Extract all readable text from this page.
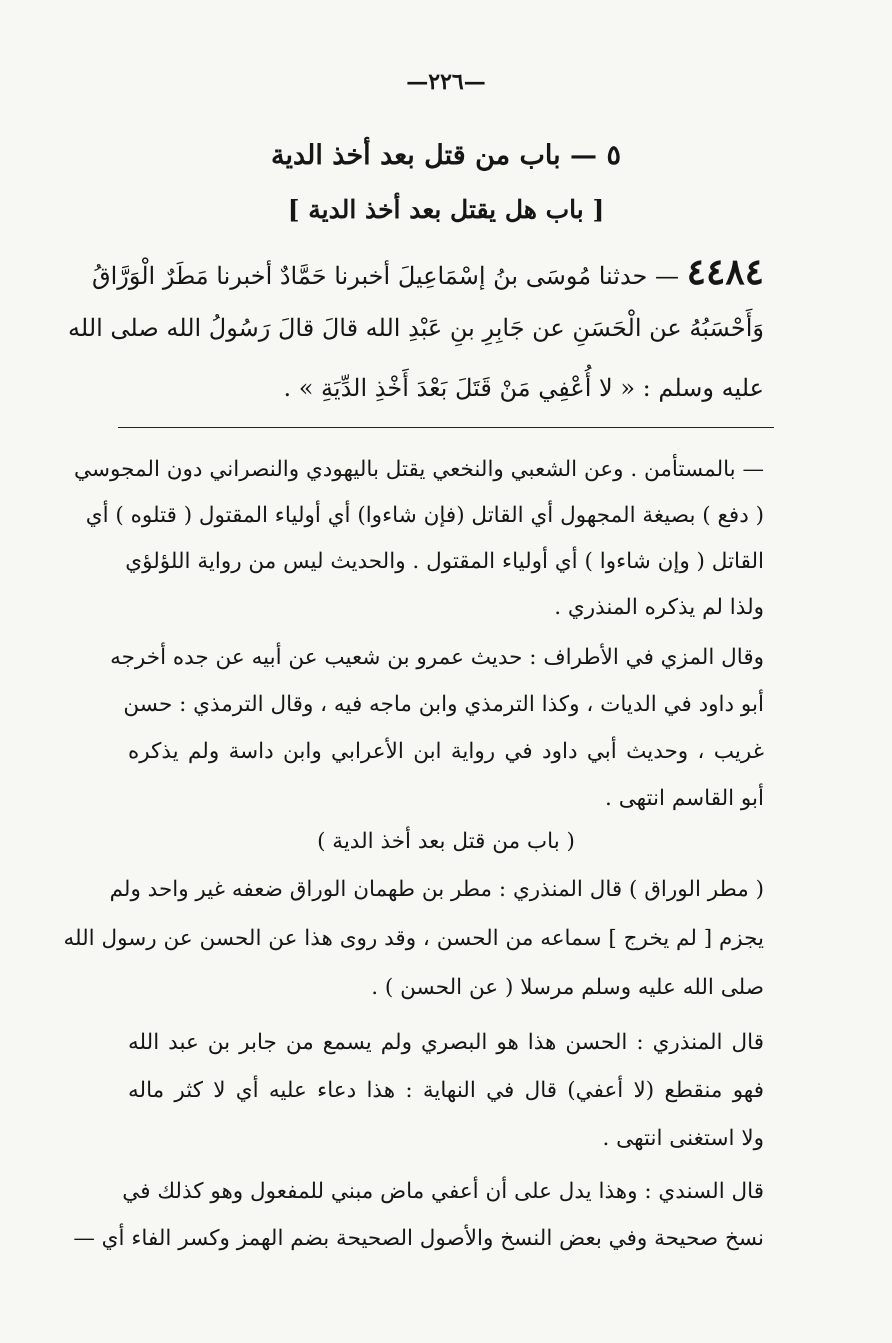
—٢٢٦—
٥ — باب من قتل بعد أخذ الدية
[ باب هل يقتل بعد أخذ الدية ]
٤٤٨٤ — حدثنا مُوسَى بنُ إسْمَاعِيلَ أخبرنا حَمَّادٌ أخبرنا مَطَرٌ الْوَرَّاقُ
وَأَحْسَبُهُ عن الْحَسَنِ عن جَابِرِ بنِ عَبْدِ الله قالَ قالَ رَسُولُ الله صلى الله
عليه وسلم : « لا أُعْفِي مَنْ قَتَلَ بَعْدَ أَخْذِ الدِّيَةِ » .
— بالمستأمن . وعن الشعبي والنخعي يقتل باليهودي والنصراني دون المجوسي
( دفع ) بصيغة المجهول أي القاتل (فإن شاءوا) أي أولياء المقتول ( قتلوه ) أي
القاتل ( وإن شاءوا ) أي أولياء المقتول . والحديث ليس من رواية اللؤلؤي
ولذا لم يذكره المنذري .
وقال المزي في الأطراف : حديث عمرو بن شعيب عن أبيه عن جده أخرجه
أبو داود في الديات ، وكذا الترمذي وابن ماجه فيه ، وقال الترمذي : حسن
غريب ، وحديث أبي داود في رواية ابن الأعرابي وابن داسة ولم يذكره
أبو القاسم انتهى .
( باب من قتل بعد أخذ الدية )
( مطر الوراق ) قال المنذري : مطر بن طهمان الوراق ضعفه غير واحد ولم
يجزم [ لم يخرج ] سماعه من الحسن ، وقد روى هذا عن الحسن عن رسول الله
صلى الله عليه وسلم مرسلا ( عن الحسن ) .
قال المنذري : الحسن هذا هو البصري ولم يسمع من جابر بن عبد الله
فهو منقطع (لا أعفي) قال في النهاية : هذا دعاء عليه أي لا كثر ماله
ولا استغنى انتهى .
قال السندي : وهذا يدل على أن أعفي ماض مبني للمفعول وهو كذلك في
نسخ صحيحة وفي بعض النسخ والأصول الصحيحة بضم الهمز وكسر الفاء أي —
